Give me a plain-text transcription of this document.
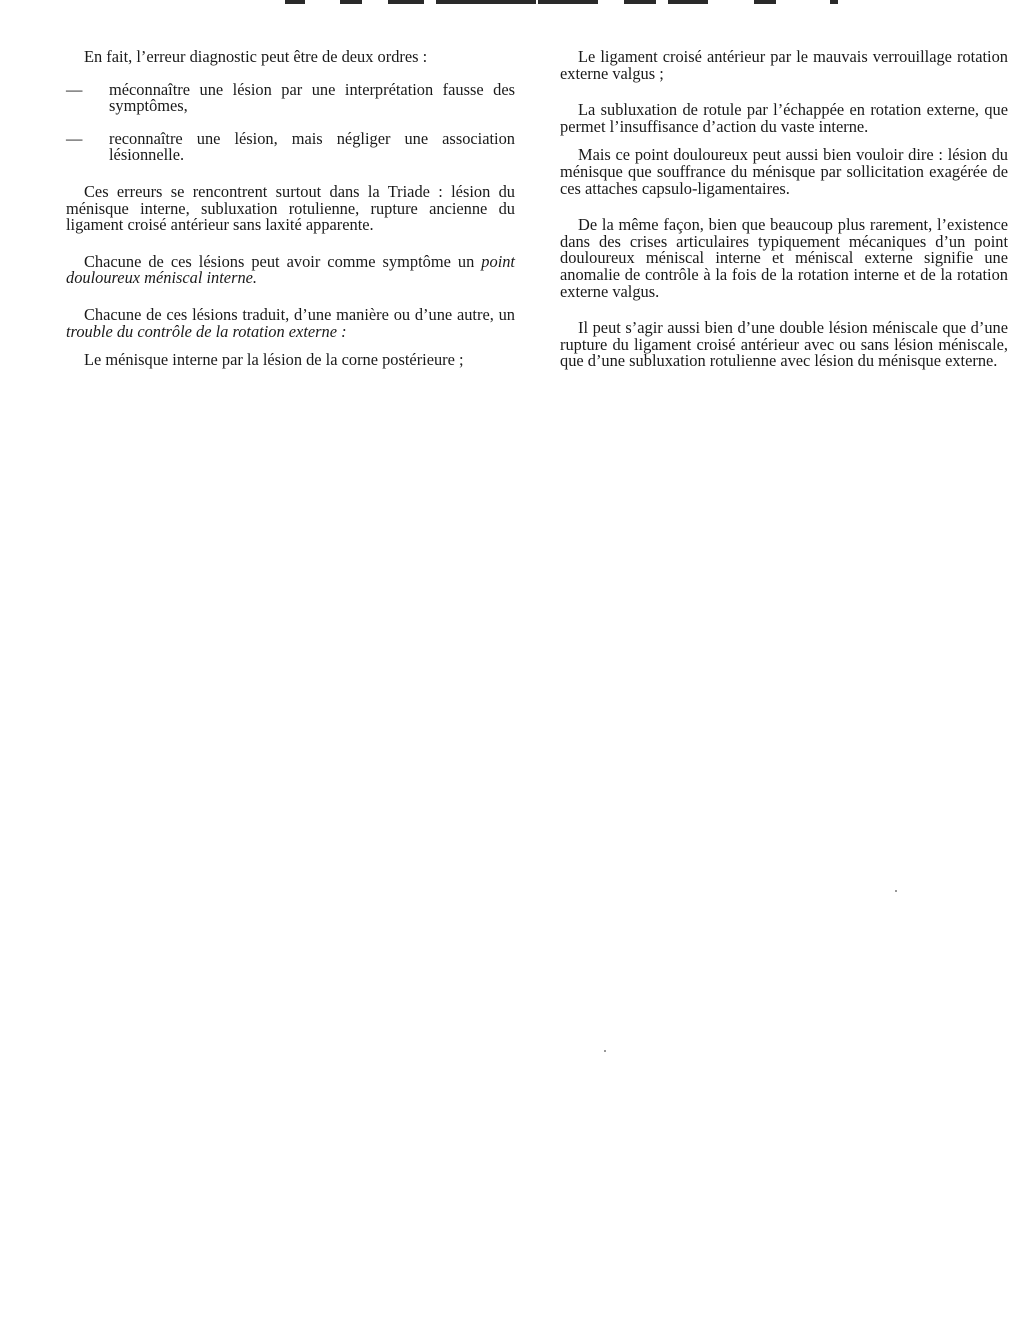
En fait, l’erreur diagnostic peut être de deux ordres :

— méconnaître une lésion par une interprétation fausse des symptômes,

— reconnaître une lésion, mais négliger une association lésionnelle.

Ces erreurs se rencontrent surtout dans la Triade : lésion du ménisque interne, subluxation rotulienne, rupture ancienne du ligament croisé antérieur sans laxité apparente.

Chacune de ces lésions peut avoir comme symptôme un point douloureux méniscal interne.

Chacune de ces lésions traduit, d’une manière ou d’une autre, un trouble du contrôle de la rotation externe :

Le ménisque interne par la lésion de la corne postérieure ;

Le ligament croisé antérieur par le mauvais verrouillage rotation externe valgus ;

La subluxation de rotule par l’échappée en rotation externe, que permet l’insuffisance d’action du vaste interne.

Mais ce point douloureux peut aussi bien vouloir dire : lésion du ménisque que souffrance du ménisque par sollicitation exagérée de ces attaches capsulo-ligamentaires.

De la même façon, bien que beaucoup plus rarement, l’existence dans des crises articulaires typiquement mécaniques d’un point douloureux méniscal interne et méniscal externe signifie une anomalie de contrôle à la fois de la rotation interne et de la rotation externe valgus.

Il peut s’agir aussi bien d’une double lésion méniscale que d’une rupture du ligament croisé antérieur avec ou sans lésion méniscale, que d’une subluxation rotulienne avec lésion du ménisque externe.
